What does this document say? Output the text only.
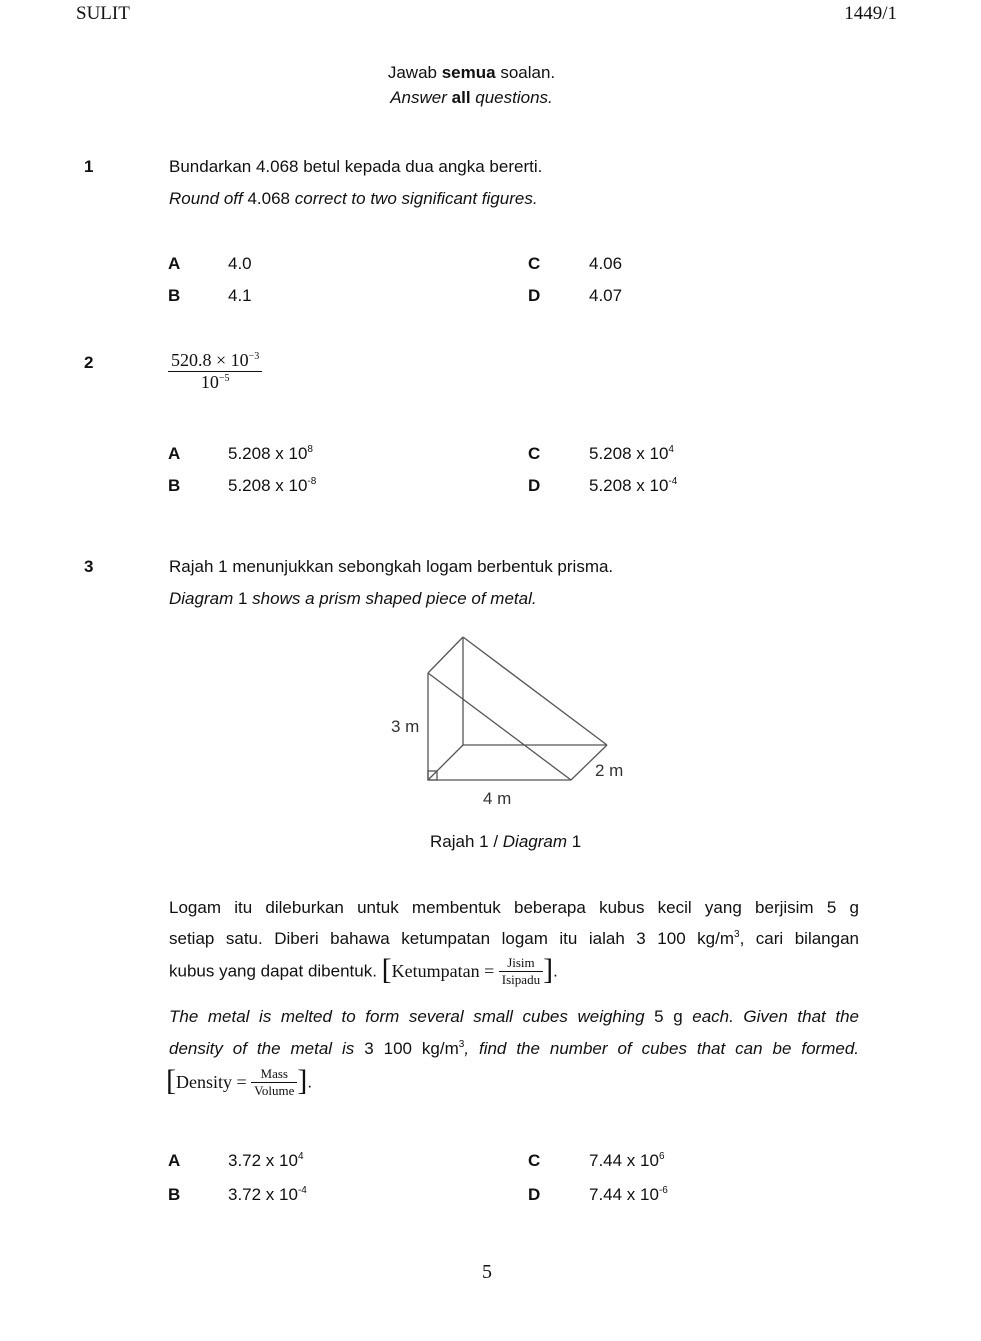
SULIT	1449/1
Jawab semua soalan.
Answer all questions.
1	Bundarkan 4.068 betul kepada dua angka bererti.
Round off 4.068 correct to two significant figures.
A	4.0
B	4.1
C	4.06
D	4.07
2	$\frac{520.8 \times 10^{-3}}{10^{-5}}$
A	5.208 x $10^8$
B	5.208 x $10^{-8}$
C	5.208 x $10^4$
D	5.208 x $10^{-4}$
3	Rajah 1 menunjukkan sebongkah logam berbentuk prisma.
Diagram 1 shows a prism shaped piece of metal.
3 m
4 m
2 m
Rajah 1 / Diagram 1
Logam itu dileburkan untuk membentuk beberapa kubus kecil yang berjisim 5 g
setiap satu. Diberi bahawa ketumpatan logam itu ialah 3 100 $kg/m^3$, cari bilangan
kubus yang dapat dibentuk. [Ketumpatan = $\frac{\text{Jisim}}{\text{Isipadu}}$ ].
The metal is melted to form several small cubes weighing 5 g each. Given that the
density of the metal is 3 100 $kg/m^3$, find the number of cubes that can be formed.
[Density = $\frac{\text{Mass}}{\text{Volume}}$ ].
A	3.72 x $10^4$
B	3.72 x $10^{-4}$
C	7.44 x $10^6$
D	7.44 x $10^{-6}$
5
